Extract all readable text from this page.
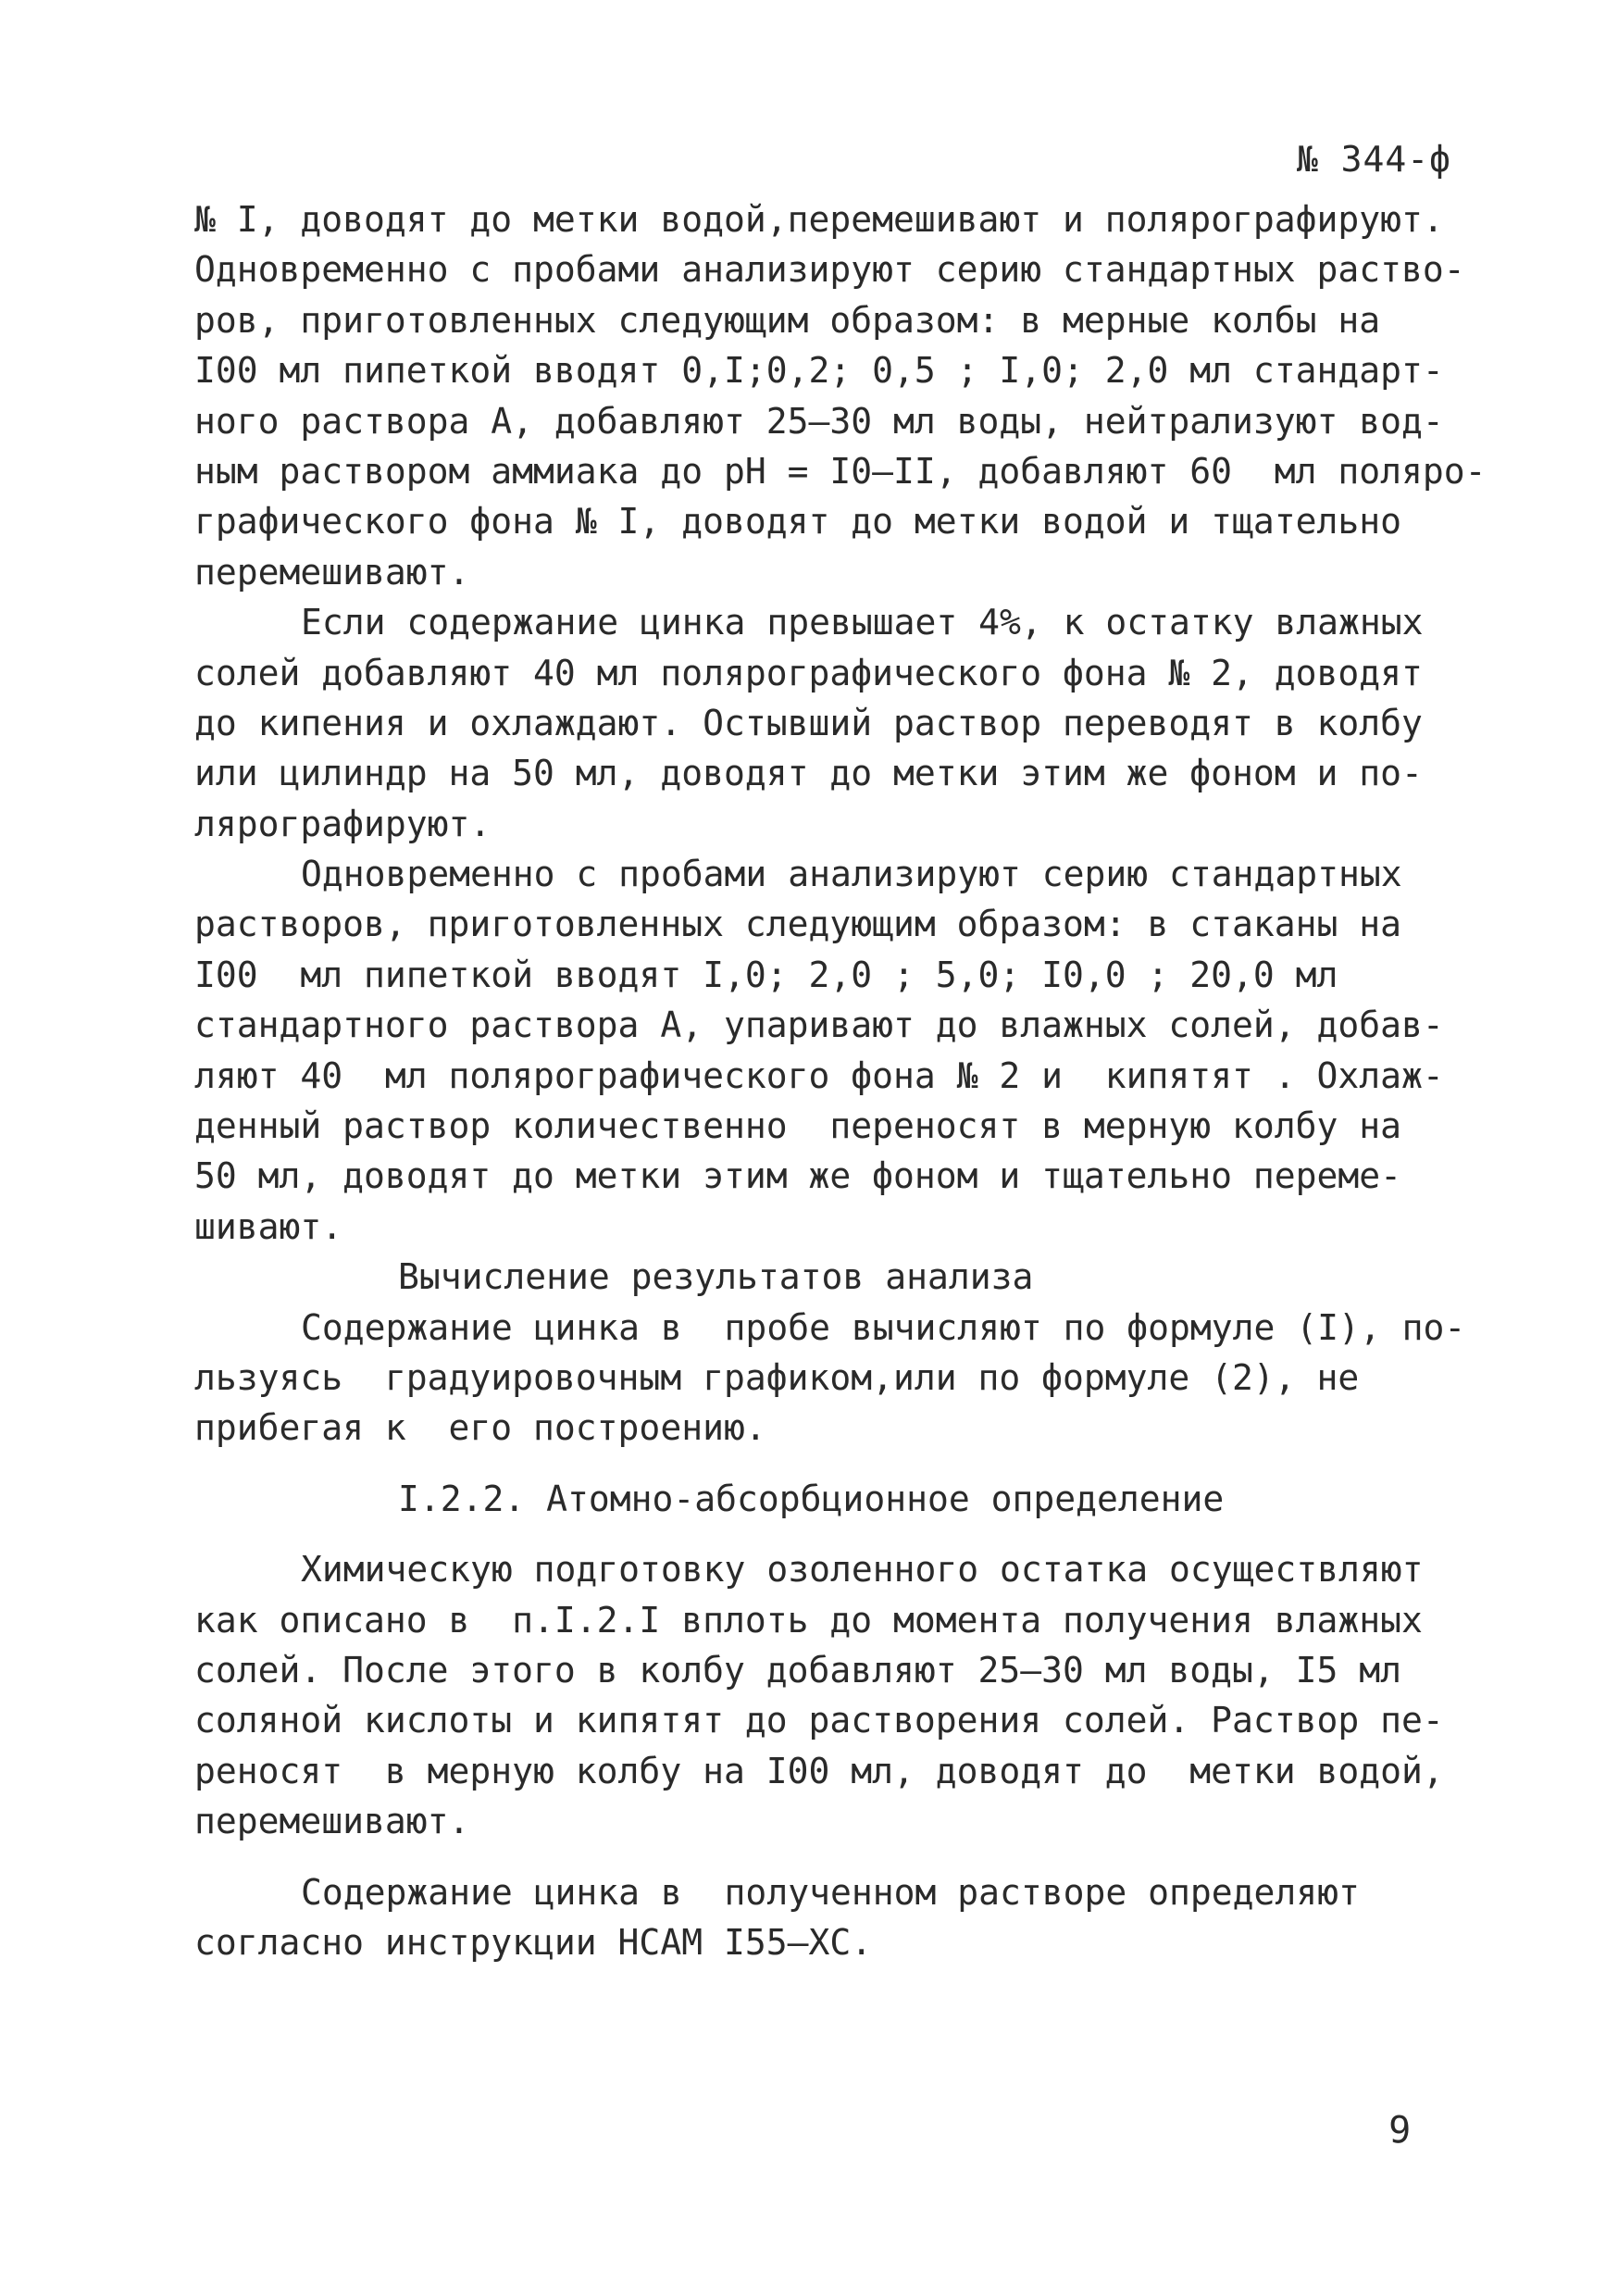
№ 344-ф
№ I, доводят до метки водой,перемешивают и полярографируют.
Одновременно с пробами анализируют серию стандартных раство-
ров, приготовленных следующим образом: в мерные колбы на
I00 мл пипеткой вводят 0,I;0,2; 0,5 ; I,0; 2,0 мл стандарт-
ного раствора А, добавляют 25–30 мл воды, нейтрализуют вод-
ным раствором аммиака до pH = I0–II, добавляют 60  мл поляро-
графического фона № I, доводят до метки водой и тщательно
перемешивают.
Если содержание цинка превышает 4%, к остатку влажных
солей добавляют 40 мл полярографического фона № 2, доводят
до кипения и охлаждают. Остывший раствор переводят в колбу
или цилиндр на 50 мл, доводят до метки этим же фоном и по-
лярографируют.
Одновременно с пробами анализируют серию стандартных
растворов, приготовленных следующим образом: в стаканы на
I00  мл пипеткой вводят I,0; 2,0 ; 5,0; I0,0 ; 20,0 мл
стандартного раствора А, упаривают до влажных солей, добав-
ляют 40  мл полярографического фона № 2 и  кипятят . Охлаж-
денный раствор количественно  переносят в мерную колбу на
50 мл, доводят до метки этим же фоном и тщательно переме-
шивают.
Вычисление результатов анализа
Содержание цинка в  пробе вычисляют по формуле (I), по-
льзуясь  градуировочным графиком,или по формуле (2), не
прибегая к  его построению.
I.2.2. Атомно-абсорбционное определение
Химическую подготовку озоленного остатка осуществляют
как описано в  п.I.2.I вплоть до момента получения влажных
солей. После этого в колбу добавляют 25–30 мл воды, I5 мл
соляной кислоты и кипятят до растворения солей. Раствор пе-
реносят  в мерную колбу на I00 мл, доводят до  метки водой,
перемешивают.
Содержание цинка в  полученном растворе определяют
согласно инструкции НСАМ I55–ХС.
6
